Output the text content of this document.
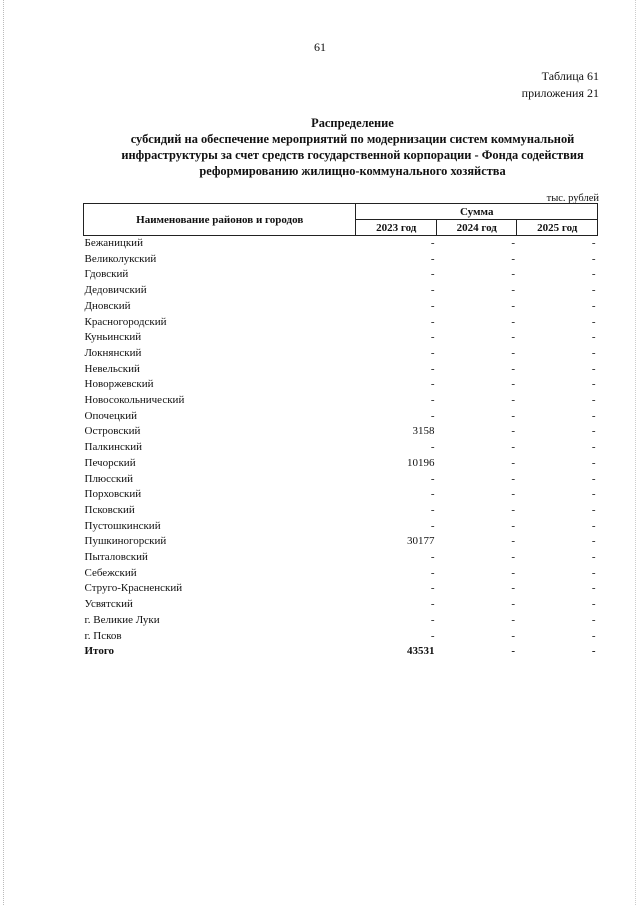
61
Таблица 61
приложения 21
Распределение
субсидий на обеспечение мероприятий по модернизации систем коммунальной
инфраструктуры за счет средств государственной корпорации - Фонда содействия
реформированию жилищно-коммунального хозяйства
тыс. рублей
Наименование районов и городов	Сумма		
	2023 год	2024 год	2025 год
Бежаницкий	-	-	-
Великолукский	-	-	-
Гдовский	-	-	-
Дедовичский	-	-	-
Дновский	-	-	-
Красногородский	-	-	-
Куньинский	-	-	-
Локнянский	-	-	-
Невельский	-	-	-
Новоржевский	-	-	-
Новосокольнический	-	-	-
Опочецкий	-	-	-
Островский	3158	-	-
Палкинский	-	-	-
Печорский	10196	-	-
Плюсский	-	-	-
Порховский	-	-	-
Псковский	-	-	-
Пустошкинский	-	-	-
Пушкиногорский	30177	-	-
Пыталовский	-	-	-
Себежский	-	-	-
Струго-Красненский	-	-	-
Усвятский	-	-	-
г. Великие Луки	-	-	-
г. Псков	-	-	-
Итого	43531	-	-
